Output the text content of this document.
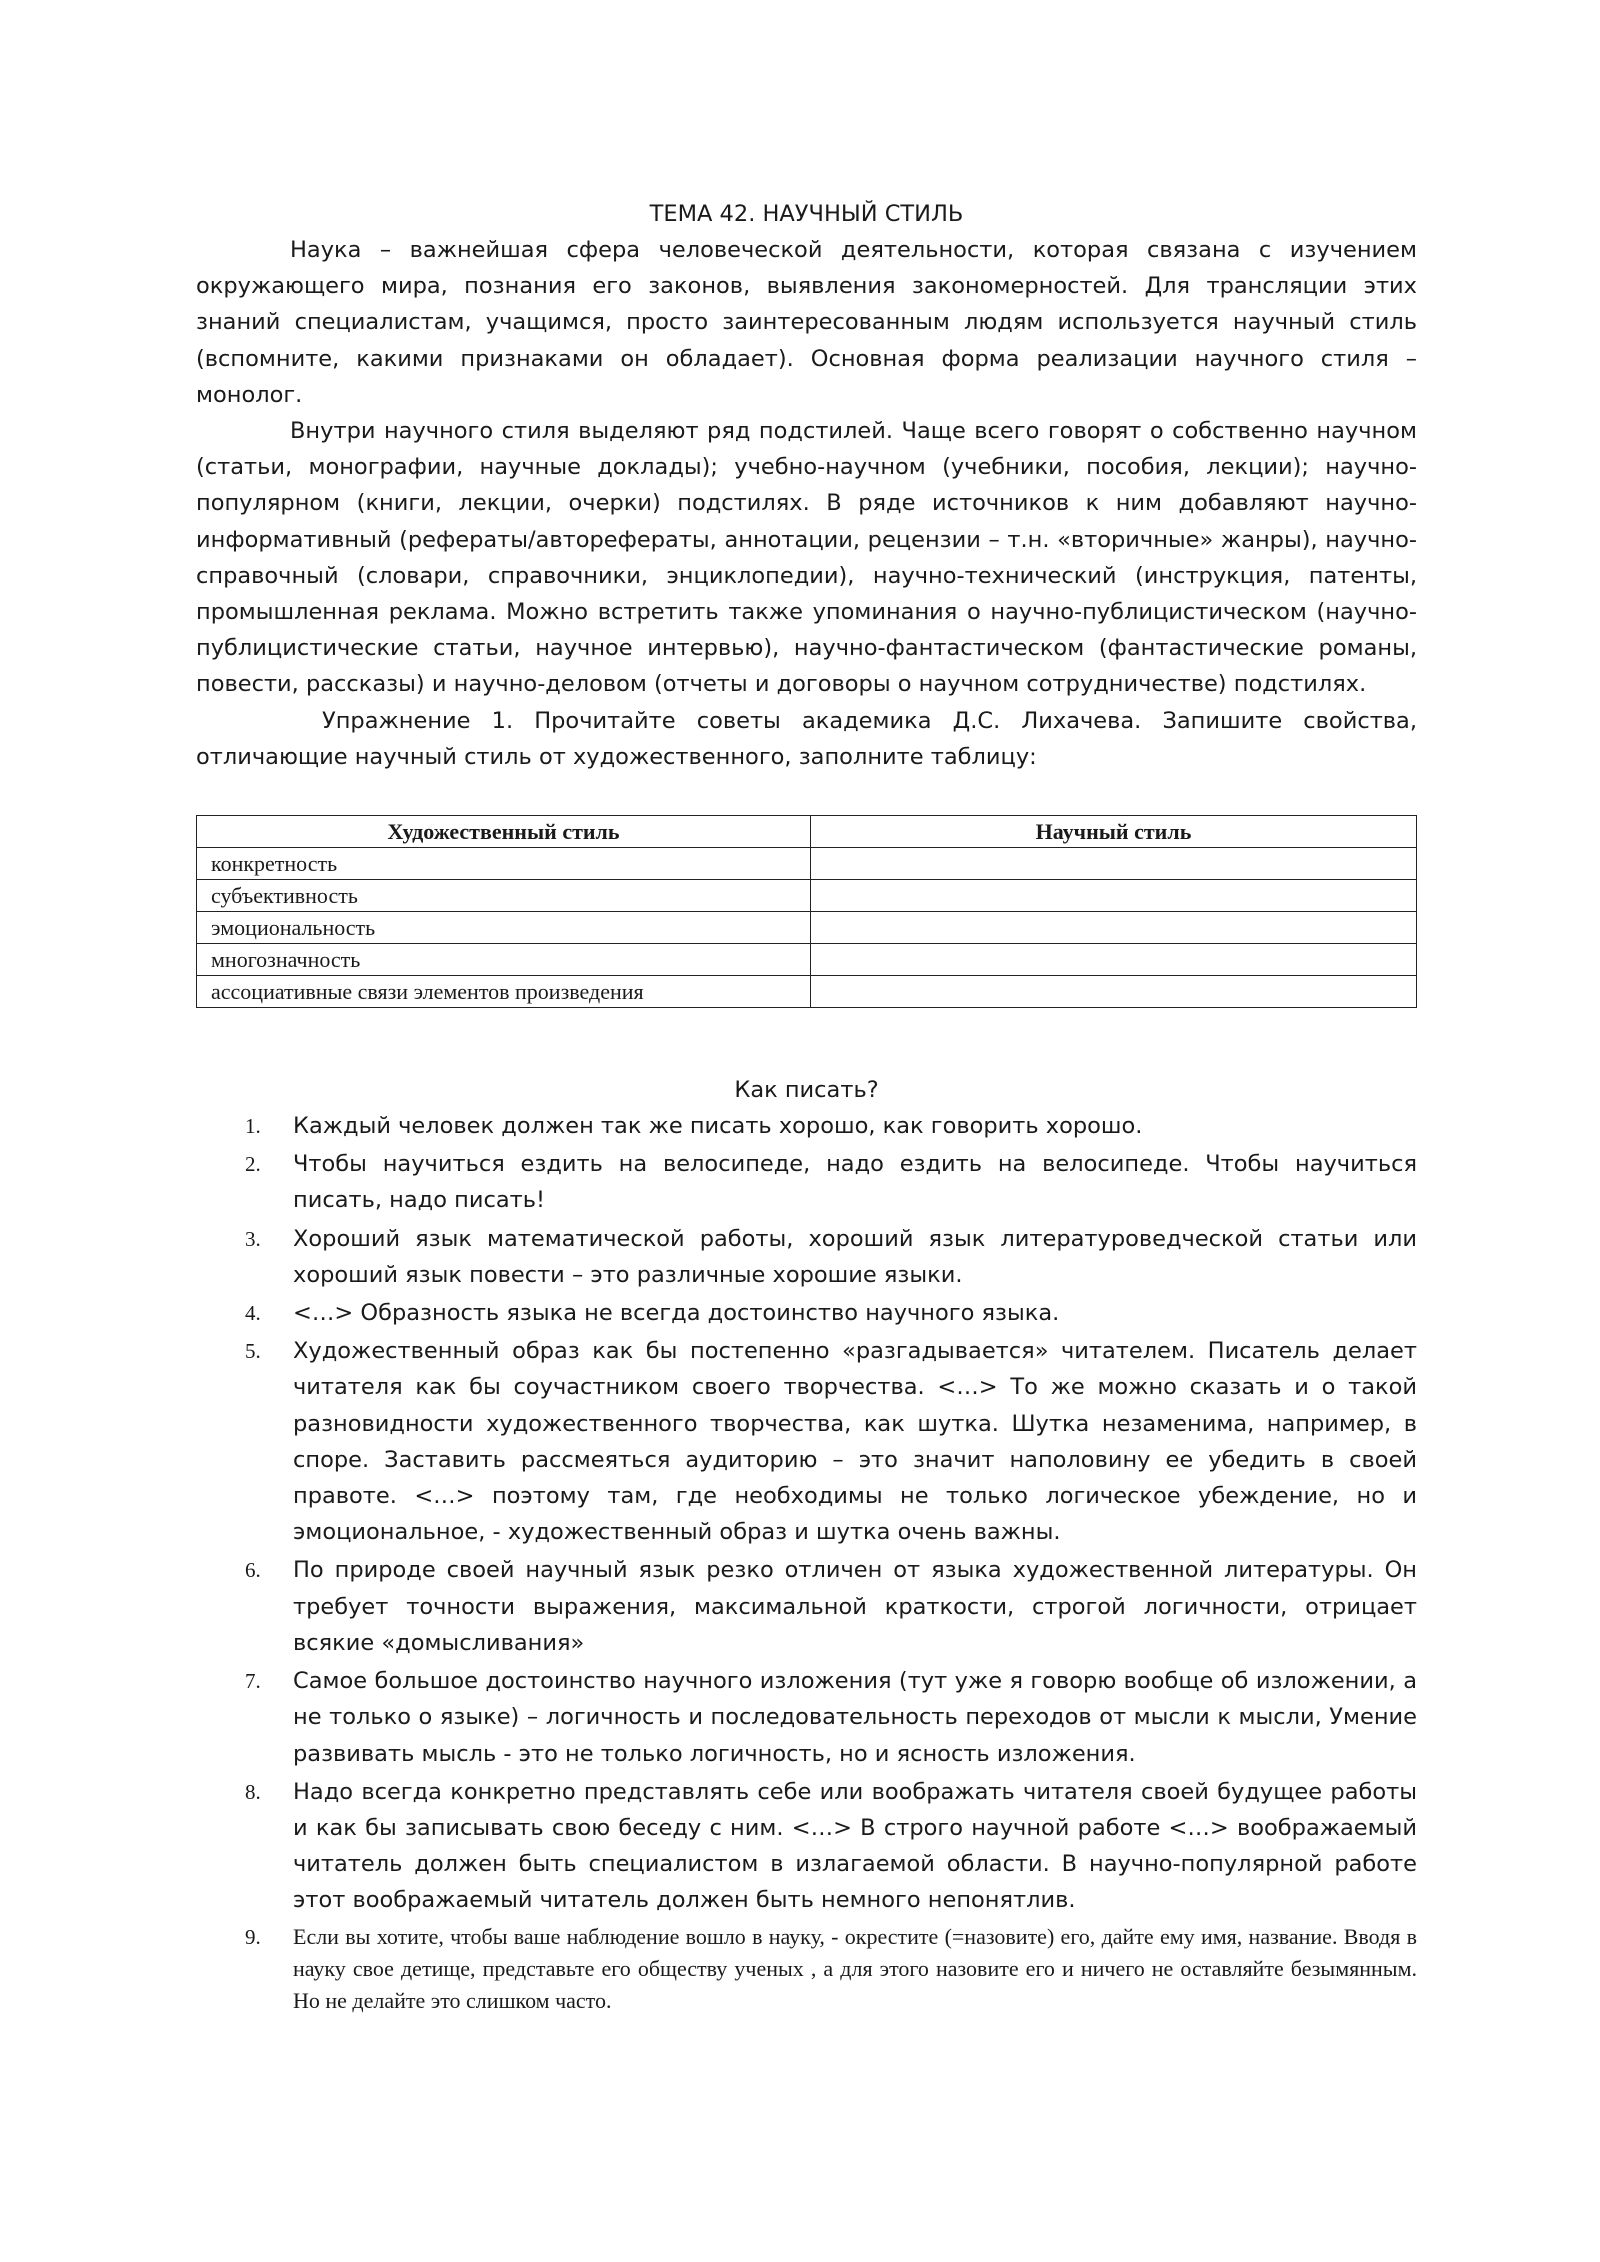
ТЕМА 42. НАУЧНЫЙ СТИЛЬ

Наука – важнейшая сфера человеческой деятельности, которая связана с изучением окружающего мира, познания его законов, выявления закономерностей. Для трансляции этих знаний специалистам, учащимся, просто заинтересованным людям используется научный стиль (вспомните, какими признаками он обладает). Основная форма реализации научного стиля – монолог.

Внутри научного стиля выделяют ряд подстилей. Чаще всего говорят о собственно научном (статьи, монографии, научные доклады); учебно-научном (учебники, пособия, лекции); научно-популярном (книги, лекции, очерки) подстилях. В ряде источников к ним добавляют научно-информативный (рефераты/авторефераты, аннотации, рецензии – т.н. «вторичные» жанры), научно-справочный (словари, справочники, энциклопедии), научно-технический (инструкция, патенты, промышленная реклама. Можно встретить также упоминания о научно-публицистическом (научно-публицистические статьи, научное интервью), научно-фантастическом (фантастические романы, повести, рассказы) и научно-деловом (отчеты и договоры о научном сотрудничестве) подстилях.

Упражнение 1. Прочитайте советы академика Д.С. Лихачева. Запишите свойства, отличающие научный стиль от художественного, заполните таблицу:

Художественный стиль	Научный стиль
конкретность	
субъективность	
эмоциональность	
многозначность	
ассоциативные связи элементов произведения	
Как писать?
1. Каждый человек должен так же писать хорошо, как говорить хорошо.
2. Чтобы научиться ездить на велосипеде, надо ездить на велосипеде. Чтобы научиться писать, надо писать!
3. Хороший язык математической работы, хороший язык литературоведческой статьи или хороший язык повести – это различные хорошие языки.
4. <…> Образность языка не всегда достоинство научного языка.
5. Художественный образ как бы постепенно «разгадывается» читателем. Писатель делает читателя как бы соучастником своего творчества. <…> То же можно сказать и о такой разновидности художественного творчества, как шутка. Шутка незаменима, например, в споре. Заставить рассмеяться аудиторию – это значит наполовину ее убедить в своей правоте. <…> поэтому там, где необходимы не только логическое убеждение, но и эмоциональное, - художественный образ и шутка очень важны.
6. По природе своей научный язык резко отличен от языка художественной литературы. Он требует точности выражения, максимальной краткости, строгой логичности, отрицает всякие «домысливания»
7. Самое большое достоинство научного изложения (тут уже я говорю вообще об изложении, а не только о языке) – логичность и последовательность переходов от мысли к мысли, Умение развивать мысль - это не только логичность, но и ясность изложения.
8. Надо всегда конкретно представлять себе или воображать читателя своей будущее работы и как бы записывать свою беседу с ним. <…> В строго научной работе <…> воображаемый читатель должен быть специалистом в излагаемой области. В научно-популярной работе этот воображаемый читатель должен быть немного непонятлив.
9. Если вы хотите, чтобы ваше наблюдение вошло в науку, - окрестите (=назовите) его, дайте ему имя, название. Вводя в науку свое детище, представьте его обществу ученых , а для этого назовите его и ничего не оставляйте безымянным. Но не делайте это слишком часто.
